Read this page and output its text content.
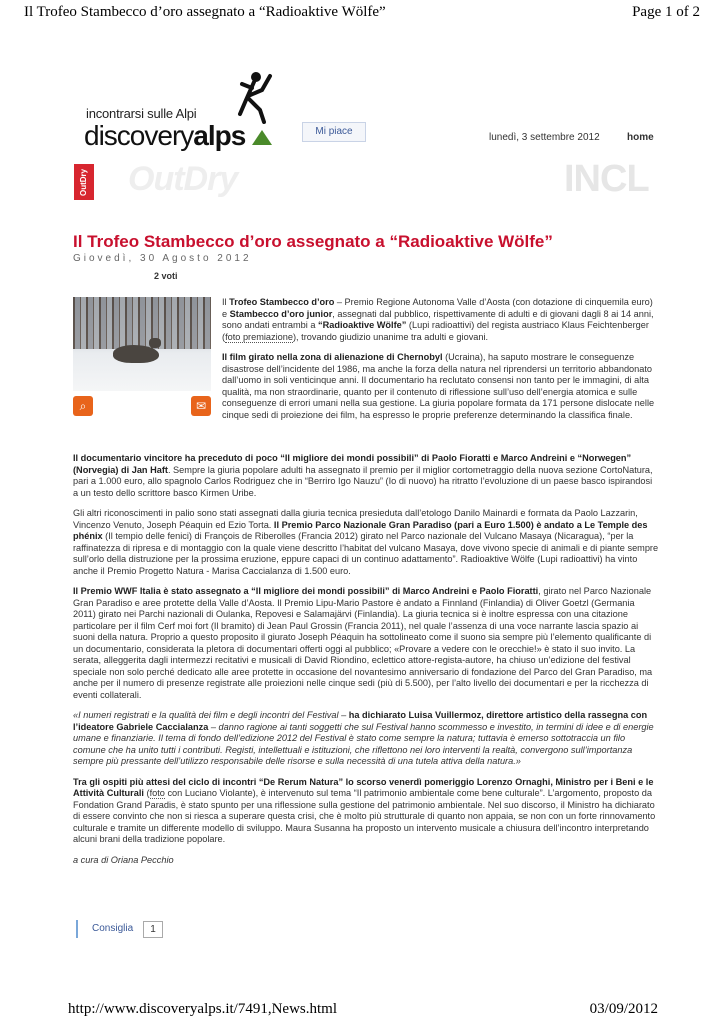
Il Trofeo Stambecco d’oro assegnato a “Radioaktive Wölfe”	Page 1 of 2
incontrarsi sulle Alpi
discoveryalps	Mi piace
lunedì, 3 settembre 2012	home
OutDry OutDry	INCL
Il Trofeo Stambecco d’oro assegnato a “Radioaktive Wölfe”
Giovedì, 30 Agosto 2012
2 voti
⌕	✉

Il Trofeo Stambecco d’oro – Premio Regione Autonoma Valle d’Aosta (con dotazione di cinquemila euro) e Stambecco d’oro junior, assegnati dal pubblico, rispettivamente di adulti e di giovani dagli 8 ai 14 anni, sono andati entrambi a “Radioaktive Wölfe” (Lupi radioattivi) del regista austriaco Klaus Feichtenberger (foto premiazione), trovando giudizio unanime tra adulti e giovani.

Il film girato nella zona di alienazione di Chernobyl (Ucraina), ha saputo mostrare le conseguenze disastrose dell’incidente del 1986, ma anche la forza della natura nel riprendersi un territorio abbandonato dall’uomo in soli venticinque anni. Il documentario ha reclutato consensi non tanto per le immagini, di alta qualità, ma non straordinarie, quanto per il contenuto di riflessione sull’uso dell’energia atomica e sulle conseguenze di errori umani nella sua gestione. La giuria popolare formata da 171 persone dislocate nelle cinque sedi di proiezione dei film, ha espresso le proprie preferenze determinando la classifica finale.

Il documentario vincitore ha preceduto di poco “Il migliore dei mondi possibili” di Paolo Fioratti e Marco Andreini e “Norwegen” (Norvegia) di Jan Haft. Sempre la giuria popolare adulti ha assegnato il premio per il miglior cortometraggio della nuova sezione CortoNatura, pari a 1.000 euro, allo spagnolo Carlos Rodriguez che in “Berriro Igo Nauzu” (Io di nuovo) ha ritratto l’evoluzione di un paese basco ispirandosi a un testo dello scrittore basco Kirmen Uribe.

Gli altri riconoscimenti in palio sono stati assegnati dalla giuria tecnica presieduta dall’etologo Danilo Mainardi e formata da Paolo Lazzarin, Vincenzo Venuto, Joseph Péaquin ed Ezio Torta. Il Premio Parco Nazionale Gran Paradiso (pari a Euro 1.500) è andato a Le Temple des phénix (Il tempio delle fenici) di François de Riberolles (Francia 2012) girato nel Parco nazionale del Vulcano Masaya (Nicaragua), “per la raffinatezza di ripresa e di montaggio con la quale viene descritto l’habitat del vulcano Masaya, dove vivono specie di animali e di piante sempre sull’orlo della distruzione per la prossima eruzione, eppure capaci di un continuo adattamento”. Radioaktive Wölfe (Lupi radioattivi) ha vinto anche il Premio Progetto Natura - Marisa Caccialanza di 1.500 euro.

Il Premio WWF Italia è stato assegnato a “Il migliore dei mondi possibili” di Marco Andreini e Paolo Fioratti, girato nel Parco Nazionale Gran Paradiso e aree protette della Valle d’Aosta. Il Premio Lipu-Mario Pastore è andato a Finnland (Finlandia) di Oliver Goetzl (Germania 2011) girato nei Parchi nazionali di Oulanka, Repovesi e Salamajärvi (Finlandia). La giuria tecnica si è inoltre espressa con una citazione particolare per il film Cerf moi fort (Il bramito) di Jean Paul Grossin (Francia 2011), nel quale l’assenza di una voce narrante lascia spazio ai suoni della natura. Proprio a questo proposito il giurato Joseph Péaquin ha sottolineato come il suono sia sempre più l’elemento qualificante di un documentario, considerata la pletora di documentari offerti oggi al pubblico; «Provare a vedere con le orecchie!» è stato il suo invito. La serata, alleggerita dagli intermezzi recitativi e musicali di David Riondino, eclettico attore-regista-autore, ha chiuso un’edizione del festival speciale non solo perché dedicato alle aree protette in occasione del novantesimo anniversario di fondazione del Parco del Gran Paradiso, ma anche per il numero di presenze registrate alle proiezioni nelle cinque sedi (più di 5.500), per l’alto livello dei documentari e per la ricchezza di eventi collaterali.

«I numeri registrati e la qualità dei film e degli incontri del Festival – ha dichiarato Luisa Vuillermoz, direttore artistico della rassegna con l’ideatore Gabriele Caccialanza – danno ragione ai tanti soggetti che sul Festival hanno scommesso e investito, in termini di idee e di energie umane e finanziarie. Il tema di fondo dell’edizione 2012 del Festival è stato come sempre la natura; tuttavia è emerso sottotraccia un filo comune che ha unito tutti i contributi. Registi, intellettuali e istituzioni, che riflettono nei loro interventi la realtà, convergono sull’importanza sempre più pressante dell’utilizzo responsabile delle risorse e sulla necessità di una tutela attiva della natura.»

Tra gli ospiti più attesi del ciclo di incontri “De Rerum Natura” lo scorso venerdì pomeriggio Lorenzo Ornaghi, Ministro per i Beni e le Attività Culturali (foto con Luciano Violante), è intervenuto sul tema “Il patrimonio ambientale come bene culturale”. L’argomento, proposto da Fondation Grand Paradis, è stato spunto per una riflessione sulla gestione del patrimonio ambientale. Nel suo discorso, il Ministro ha dichiarato di essere convinto che non si riesca a superare questa crisi, che è molto più strutturale di quanto non appaia, se non con un forte rinnovamento culturale e tramite un differente modello di sviluppo. Maura Susanna ha proposto un intervento musicale a chiusura dell’incontro interpretando alcuni brani della tradizione popolare.

a cura di Oriana Pecchio

Consiglia	1
http://www.discoveryalps.it/7491,News.html	03/09/2012
